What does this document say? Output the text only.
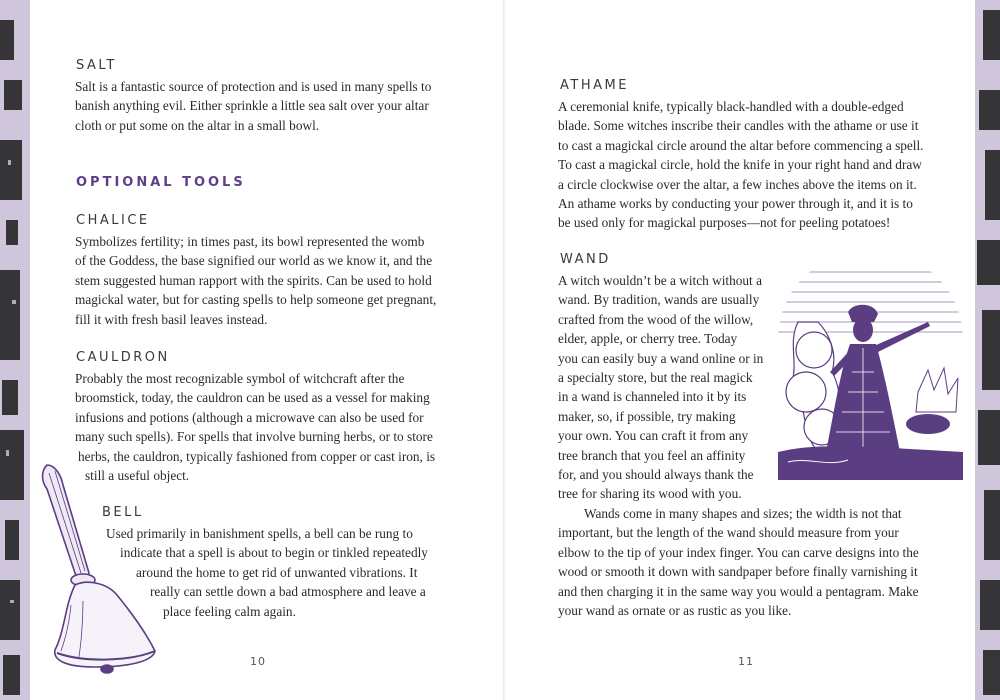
SALT
Salt is a fantastic source of protection and is used in many spells to
banish anything evil. Either sprinkle a little sea salt over your altar
cloth or put some on the altar in a small bowl.
OPTIONAL TOOLS
CHALICE
Symbolizes fertility; in times past, its bowl represented the womb
of the Goddess, the base signified our world as we know it, and the
stem suggested human rapport with the spirits. Can be used to hold
magickal water, but for casting spells to help someone get pregnant,
fill it with fresh basil leaves instead.
CAULDRON
Probably the most recognizable symbol of witchcraft after the
broomstick, today, the cauldron can be used as a vessel for making
infusions and potions (although a microwave can also be used for
many such spells). For spells that involve burning herbs, or to store
herbs, the cauldron, typically fashioned from copper or cast iron, is
still a useful object.
BELL
Used primarily in banishment spells, a bell can be rung to
indicate that a spell is about to begin or tinkled repeatedly
around the home to get rid of unwanted vibrations. It
really can settle down a bad atmosphere and leave a
place feeling calm again.
10
ATHAME
A ceremonial knife, typically black-handled with a double-edged
blade. Some witches inscribe their candles with the athame or use it
to cast a magickal circle around the altar before commencing a spell.
To cast a magickal circle, hold the knife in your right hand and draw
a circle clockwise over the altar, a few inches above the items on it.
An athame works by conducting your power through it, and it is to
be used only for magickal purposes—not for peeling potatoes!
WAND
A witch wouldn’t be a witch without a
wand. By tradition, wands are usually
crafted from the wood of the willow,
elder, apple, or cherry tree. Today
you can easily buy a wand online or in
a specialty store, but the real magick
in a wand is channeled into it by its
maker, so, if possible, try making
your own. You can craft it from any
tree branch that you feel an affinity
for, and you should always thank the
tree for sharing its wood with you.
Wands come in many shapes and sizes; the width is not that
important, but the length of the wand should measure from your
elbow to the tip of your index finger. You can carve designs into the
wood or smooth it down with sandpaper before finally varnishing it
and then charging it in the same way you would a pentagram. Make
your wand as ornate or as rustic as you like.
11
